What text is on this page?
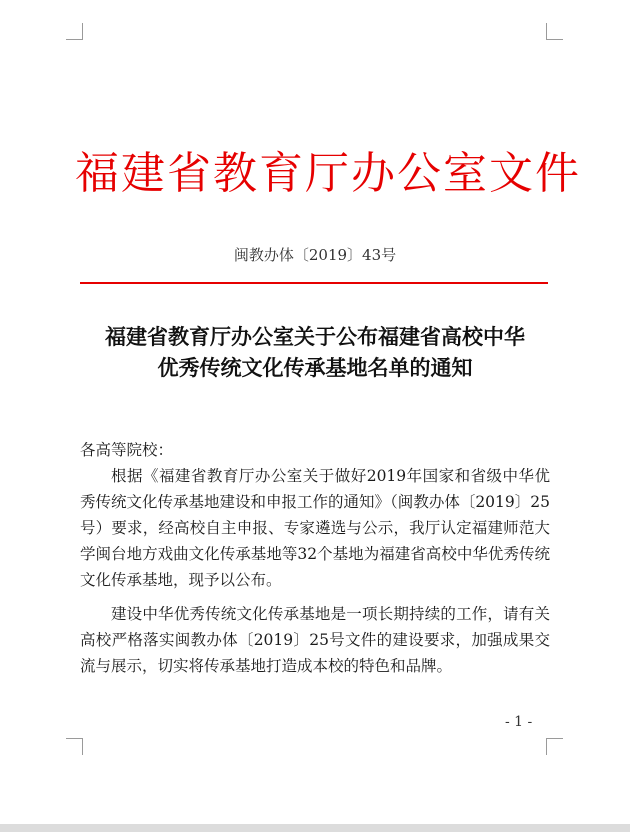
福建省教育厅办公室文件
闽教办体〔2019〕43号
福建省教育厅办公室关于公布福建省高校中华
优秀传统文化传承基地名单的通知

各高等院校：

根据《福建省教育厅办公室关于做好2019年国家和省级中华优秀传统文化传承基地建设和申报工作的通知》（闽教办体〔2019〕25号）要求，经高校自主申报、专家遴选与公示，我厅认定福建师范大学闽台地方戏曲文化传承基地等32个基地为福建省高校中华优秀传统文化传承基地，现予以公布。

建设中华优秀传统文化传承基地是一项长期持续的工作，请有关高校严格落实闽教办体〔2019〕25号文件的建设要求，加强成果交流与展示，切实将传承基地打造成本校的特色和品牌。

- 1 -
